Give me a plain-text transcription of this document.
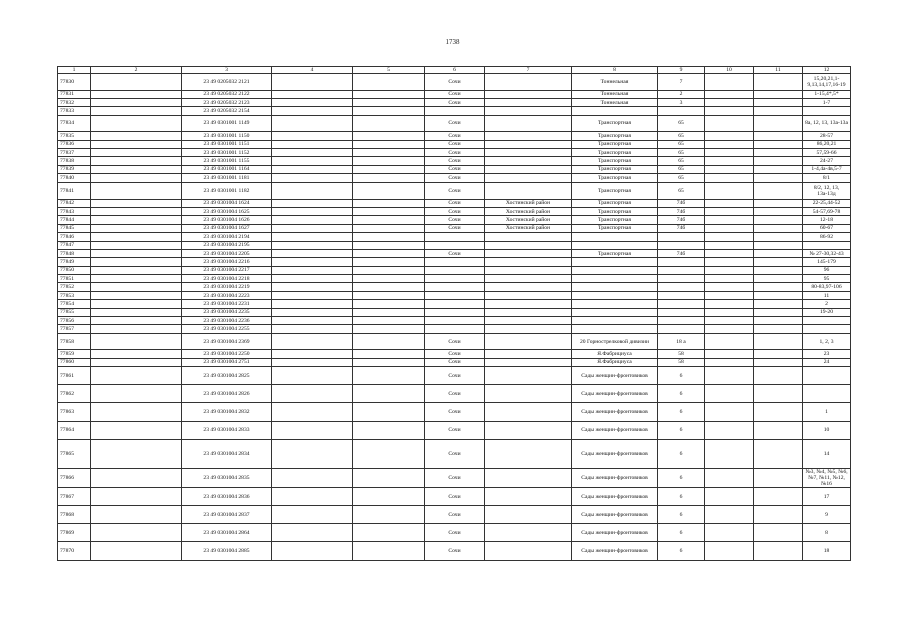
1738
1	2	3	4	5	6	7	8	9	10	11	12
77830		23 49 0205032 2121			Сочи		Тоннельная	7			15,20,21,1-9,13,14,17,16-19
77831		23 49 0205032 2122			Сочи		Тоннельная	2			1-15,4*,5*
77832		23 49 0205032 2123			Сочи		Тоннельная	3			1-7
77833		23 49 0205032 2154									
77834		23 49 0301001 1149			Сочи		Транспортная	65			8а, 12, 13, 13а-13а
77835		23 49 0301001 1150			Сочи		Транспортная	65			28-57
77836		23 49 0301001 1151			Сочи		Транспортная	65			86,20,21
77837		23 49 0301001 1152			Сочи		Транспортная	65			57,59-66
77838		23 49 0301001 1155			Сочи		Транспортная	65			24-27
77839		23 49 0301001 1164			Сочи		Транспортная	65			1-4,4а-4в,5-7
77840		23 49 0301001 1181			Сочи		Транспортная	65			8/1
77841		23 49 0301001 1182			Сочи		Транспортная	65			8/2, 12, 13, 13а-13д
77842		23 49 0301004 1624			Сочи	Хостинский район	Транспортная	74б			22-25,44-52
77843		23 49 0301004 1625			Сочи	Хостинский район	Транспортная	74б			54-57,69-78
77844		23 49 0301004 1626			Сочи	Хостинский район	Транспортная	74б			12-18
77845		23 49 0301004 1627			Сочи	Хостинский район	Транспортная	74б			60-67
77846		23 49 0301004 2194									86-92
77847		23 49 0301004 2195									
77848		23 49 0301004 2205			Сочи		Транспортная	74б			№ 27-30,32-43
77849		23 49 0301004 2216									145-179
77850		23 49 0301004 2217									96
77851		23 49 0301004 2218									95
77852		23 49 0301004 2219									80-83,97-106
77853		23 49 0301004 2223									11
77854		23 49 0301004 2231									2
77855		23 49 0301004 2235									19-20
77856		23 49 0301004 2236									
77857		23 49 0301004 2255									
77858		23 49 0301004 2369			Сочи		20 Горнострелковой дивизии	18 а			1, 2, 3
77859		23 49 0301004 2250			Сочи		Я.Фабрициуса	58			23
77860		23 49 0301004 2751			Сочи		Я.Фабрициуса	58			24
77861		23 49 0301004 2825			Сочи		Сады женщин-фронтовиков	6			
77862		23 49 0301004 2826			Сочи		Сады женщин-фронтовиков	6			
77863		23 49 0301004 2832			Сочи		Сады женщин-фронтовиков	6			1
77864		23 49 0301004 2833			Сочи		Сады женщин-фронтовиков	6			10
77865		23 49 0301004 2834			Сочи		Сады женщин-фронтовиков	6			14
77866		23 49 0301004 2835			Сочи		Сады женщин-фронтовиков	6			№3, №4, №5, №6, №7, №11, №12, №16
77867		23 49 0301004 2836			Сочи		Сады женщин-фронтовиков	6			17
77868		23 49 0301004 2837			Сочи		Сады женщин-фронтовиков	6			9
77869		23 49 0301004 2864			Сочи		Сады женщин-фронтовиков	6			8
77870		23 49 0301004 2885			Сочи		Сады женщин-фронтовиков	6			18
